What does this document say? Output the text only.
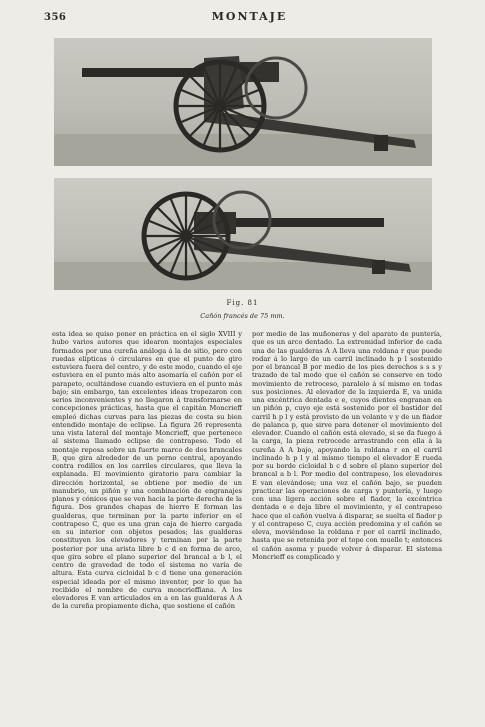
356	MONTAJE
Fig. 81
Cañón francés de 75 mm.

esta idea se quiso poner en práctica en el siglo XVIII y hubo varios autores que idearon montajes especiales formados por una cureña análoga á la de sitio, pero con ruedas elípticas ó circulares en que el punto de giro estuviera fuera del centro, y de este modo, cuando el eje estuviera en el punto más alto asomaría el cañón por el parapeto, ocultándose cuando estuviera en el punto más bajo; sin embargo, tan excelentes ideas tropezaron con serios inconvenientes y no llegaron á transformarse en concepciones prácticas, hasta que el capitán Moncrieff empleó dichas curvas para las piezas de costa su bien entendido montaje de eclipse. La figura 26 representa una vista lateral del montaje Moncrieff, que pertenece al sistema llamado eclipse de contrapeso. Todo el montaje reposa sobre un fuerte marco de dos brancales B, que gira alrededor de un perno central, apoyando contra rodillos en los carriles circulares, que lleva la explanada. El movimiento giratorio para cambiar la dirección horizontal, se obtiene por medio de un manubrio, un piñón y una combinación de engranajes planos y cónicos que se ven hacia la parte derecha de la figura. Dos grandes chapas de hierro E forman las gualderas, que terminan por la parte inferior en el contrapeso C, que es una gran caja de hierro cargada en su interior con objetos pesados; las gualderas constituyen los elevadores y terminan por la parte posterior por una arista libre b c d en forma de arco, que gira sobre el plano superior del brancal a b l, el centro de gravedad de todo el sistema no varía de altura. Esta curva cicloidal b c d tiene una generación especial ideada por el mismo inventor, por lo que ha recibido el nombre de curva moncrieffiana. A los elevadores E van articulados en a en las gualderas A A de la cureña propiamente dicha, que sostiene el cañón

por medio de las muñoneras y del aparato de puntería, que es un arco dentado. La extremidad inferior de cada una de las gualderas A A lleva una roldana r que puede rodar á lo largo de un carril inclinado h p l sostenido por el brancal B por medio de los pies derechos s s s y trazado de tal modo que el cañón se conserve en todo movimiento de retroceso, paralelo á sí mismo en todas sus posiciones. Al elevador de la izquierda E, va unida una excéntrica dentada e e, cuyos dientes engranan en un piñón p, cuyo eje está sostenido por el bastidor del carril h p l y está provisto de un volante v y de un fiador de palanca p, que sirve para detener el movimiento del elevador. Cuando el cañón está elevado, si se da fuego á la carga, la pieza retrocede arrastrando con ella á la cureña A A bajo, apoyando la roldana r en el carril inclinado h p l y al mismo tiempo el elevador E rueda por su borde cicloidal b c d sobre el plano superior del brancal a b l. Por medio del contrapeso, los elevadores E van elevándose; una vez el cañón bajo, se pueden practicar las operaciones de carga y puntería, y luego con una ligera acción sobre el fiador, la excéntrica dentada e e deja libre el movimiento, y el contrapeso hace que el cañón vuelva á disparar, se suelta el fiador p y el contrapeso C, cuya acción predomina y el cañón se eleva, moviéndose la roldana r por el carril inclinado, hasta que se retenida por el tope con muelle t; entonces el cañón asoma y puede volver á disparar. El sistema Moncrieff es complicado y
